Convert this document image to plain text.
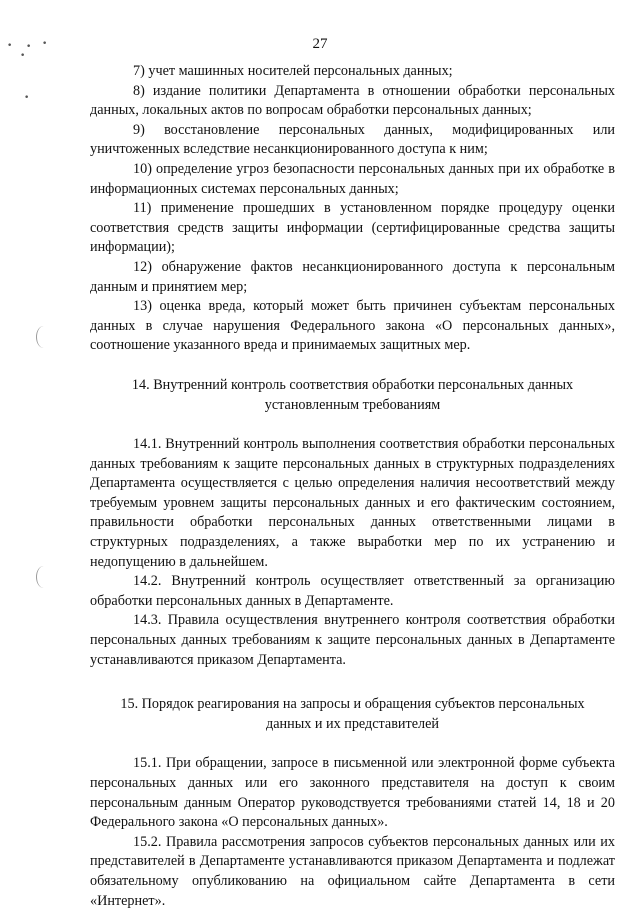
• • •
•
•
27

7) учет машинных носителей персональных данных;

8) издание политики Департамента в отношении обработки персональных данных, локальных актов по вопросам обработки персональных данных;

9) восстановление персональных данных, модифицированных или уничтоженных вследствие несанкционированного доступа к ним;

10) определение угроз безопасности персональных данных при их обработке в информационных системах персональных данных;

11) применение прошедших в установленном порядке процедуру оценки соответствия средств защиты информации (сертифицированные средства защиты информации);

12) обнаружение фактов несанкционированного доступа к персональным данным и принятием мер;

13) оценка вреда, который может быть причинен субъектам персональных данных в случае нарушения Федерального закона «О персональных данных», соотношение указанного вреда и принимаемых защитных мер.

14. Внутренний контроль соответствия обработки персональных данных установленным требованиям

14.1. Внутренний контроль выполнения соответствия обработки персональных данных требованиям к защите персональных данных в структурных подразделениях Департамента осуществляется с целью определения наличия несоответствий между требуемым уровнем защиты персональных данных и его фактическим состоянием, правильности обработки персональных данных ответственными лицами в структурных подразделениях, а также выработки мер по их устранению и недопущению в дальнейшем.

14.2. Внутренний контроль осуществляет ответственный за организацию обработки персональных данных в Департаменте.

14.3. Правила осуществления внутреннего контроля соответствия обработки персональных данных требованиям к защите персональных данных в Департаменте устанавливаются приказом Департамента.

15. Порядок реагирования на запросы и обращения субъектов персональных данных и их представителей

15.1. При обращении, запросе в письменной или электронной форме субъекта персональных данных или его законного представителя на доступ к своим персональным данным Оператор руководствуется требованиями статей 14, 18 и 20 Федерального закона «О персональных данных».

15.2. Правила рассмотрения запросов субъектов персональных данных или их представителей в Департаменте устанавливаются приказом Департамента и подлежат обязательному опубликованию на официальном сайте Департамента в сети «Интернет».
